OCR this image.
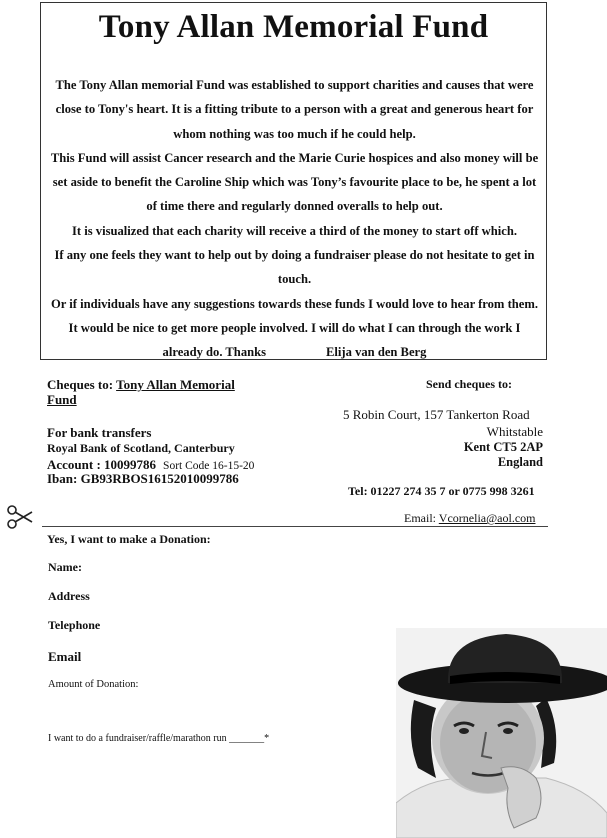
Tony Allan Memorial Fund

The Tony Allan memorial Fund was established to support charities and causes that were close to Tony's heart. It is a fitting tribute to a person with a great and generous heart for whom nothing was too much if he could help.

This Fund will assist Cancer research and the Marie Curie hospices and also money will be set aside to benefit the Caroline Ship which was Tony’s favourite place to be, he spent a lot of time there and regularly donned overalls to help out.

It is visualized that each charity will receive a third of the money to start off which.

If any one feels they want to help out by doing a fundraiser please do not hesitate to get in touch.

Or if individuals have any suggestions towards these funds I would love to hear from them. It would be nice to get more people involved. I will do what I can through the work I already do. Thanks	Elija van den Berg

Cheques to: Tony Allan Memorial
Fund
For bank transfers
Royal Bank of Scotland, Canterbury
Account : 10099786 Sort Code 16-15-20
Iban: GB93RBOS16152010099786
Send cheques to:
5 Robin Court, 157 Tankerton Road
Whitstable
Kent CT5 2AP
England
Tel: 01227 274 35 7 or 0775 998 3261
Email: Vcornelia@aol.com
Yes, I want to make a Donation:
Name:
Address
Telephone
Email
Amount of Donation:
I want to do a fundraiser/raffle/marathon run _______*
